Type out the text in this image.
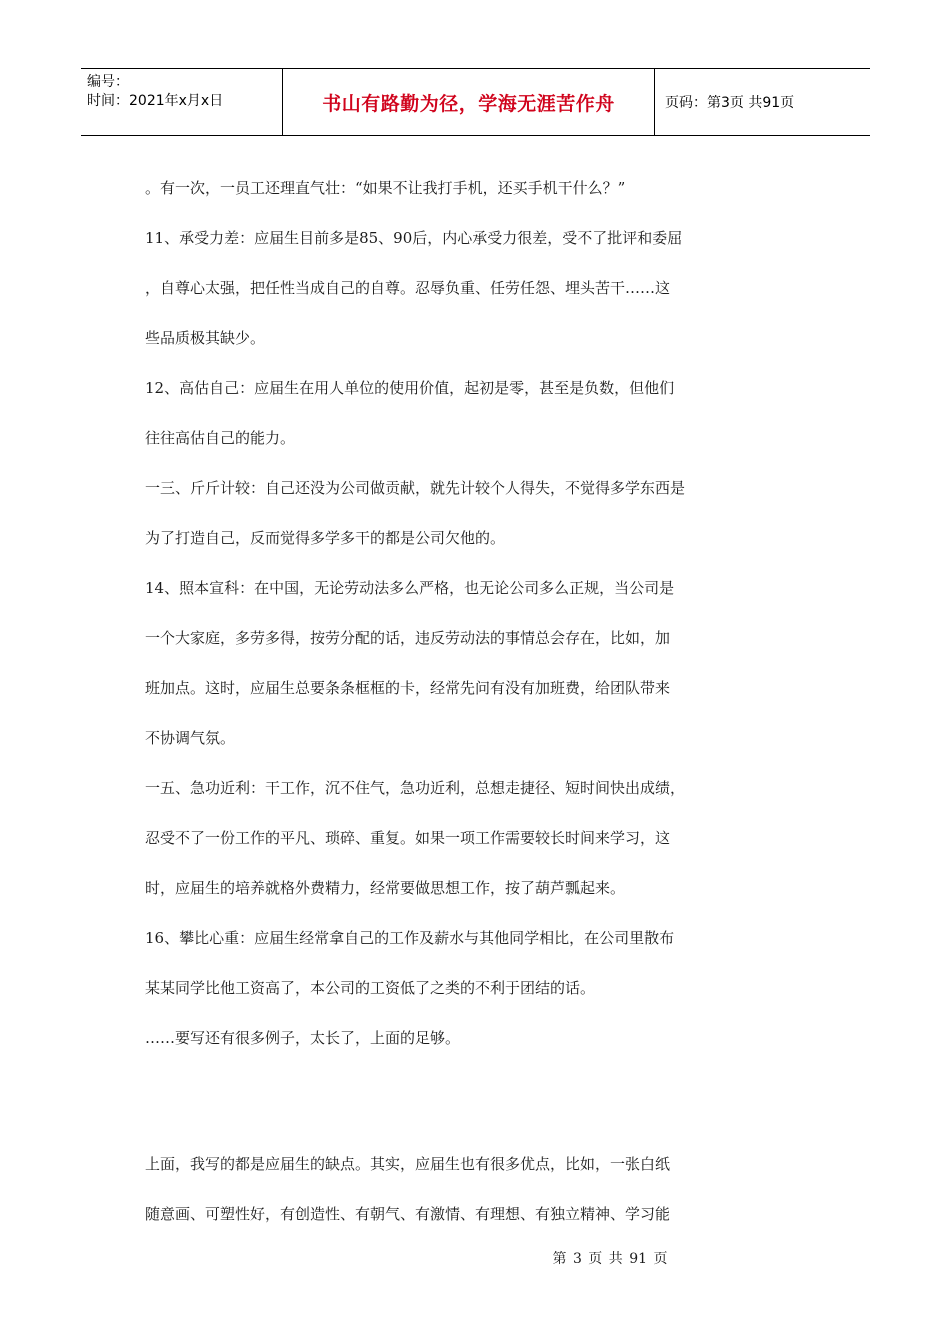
编号：
时间：2021年x月x日	书山有路勤为径，学海无涯苦作舟	页码：第3页 共91页

。有一次，一员工还理直气壮：“如果不让我打手机，还买手机干什么？”

11、承受力差：应届生目前多是85、90后，内心承受力很差，受不了批评和委屈

，自尊心太强，把任性当成自己的自尊。忍辱负重、任劳任怨、埋头苦干……这

些品质极其缺少。

12、高估自己：应届生在用人单位的使用价值，起初是零，甚至是负数，但他们

往往高估自己的能力。

一三、斤斤计较：自己还没为公司做贡献，就先计较个人得失，不觉得多学东西是

为了打造自己，反而觉得多学多干的都是公司欠他的。

14、照本宣科：在中国，无论劳动法多么严格，也无论公司多么正规，当公司是

一个大家庭，多劳多得，按劳分配的话，违反劳动法的事情总会存在，比如，加

班加点。这时，应届生总要条条框框的卡，经常先问有没有加班费，给团队带来

不协调气氛。

一五、急功近利：干工作，沉不住气，急功近利，总想走捷径、短时间快出成绩，

忍受不了一份工作的平凡、琐碎、重复。如果一项工作需要较长时间来学习，这

时，应届生的培养就格外费精力，经常要做思想工作，按了葫芦瓢起来。

16、攀比心重：应届生经常拿自己的工作及薪水与其他同学相比，在公司里散布

某某同学比他工资高了，本公司的工资低了之类的不利于团结的话。

……要写还有很多例子，太长了，上面的足够。

上面，我写的都是应届生的缺点。其实，应届生也有很多优点，比如，一张白纸

随意画、可塑性好，有创造性、有朝气、有激情、有理想、有独立精神、学习能

第 3 页 共 91 页
